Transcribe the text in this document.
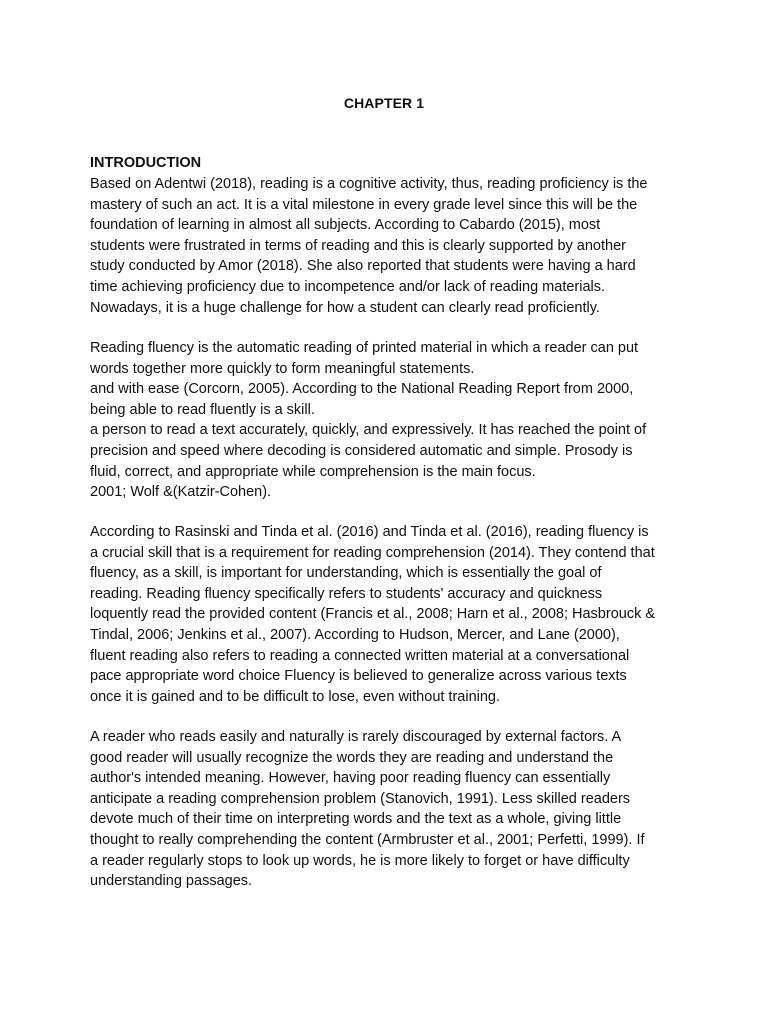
CHAPTER 1
INTRODUCTION
Based on Adentwi (2018), reading is a cognitive activity, thus, reading proficiency is the
mastery of such an act. It is a vital milestone in every grade level since this will be the
foundation of learning in almost all subjects. According to Cabardo (2015), most
students were frustrated in terms of reading and this is clearly supported by another
study conducted by Amor (2018). She also reported that students were having a hard
time achieving proficiency due to incompetence and/or lack of reading materials.
Nowadays, it is a huge challenge for how a student can clearly read proficiently.
Reading fluency is the automatic reading of printed material in which a reader can put
words together more quickly to form meaningful statements.
and with ease (Corcorn, 2005). According to the National Reading Report from 2000,
being able to read fluently is a skill.
a person to read a text accurately, quickly, and expressively. It has reached the point of
precision and speed where decoding is considered automatic and simple. Prosody is
fluid, correct, and appropriate while comprehension is the main focus.
2001; Wolf &(Katzir-Cohen).
According to Rasinski and Tinda et al. (2016) and Tinda et al. (2016), reading fluency is
a crucial skill that is a requirement for reading comprehension (2014). They contend that
fluency, as a skill, is important for understanding, which is essentially the goal of
reading. Reading fluency specifically refers to students' accuracy and quickness
loquently read the provided content (Francis et al., 2008; Harn et al., 2008; Hasbrouck &
Tindal, 2006; Jenkins et al., 2007). According to Hudson, Mercer, and Lane (2000),
fluent reading also refers to reading a connected written material at a conversational
pace appropriate word choice Fluency is believed to generalize across various texts
once it is gained and to be difficult to lose, even without training.
A reader who reads easily and naturally is rarely discouraged by external factors. A
good reader will usually recognize the words they are reading and understand the
author's intended meaning. However, having poor reading fluency can essentially
anticipate a reading comprehension problem (Stanovich, 1991). Less skilled readers
devote much of their time on interpreting words and the text as a whole, giving little
thought to really comprehending the content (Armbruster et al., 2001; Perfetti, 1999). If
a reader regularly stops to look up words, he is more likely to forget or have difficulty
understanding passages.
